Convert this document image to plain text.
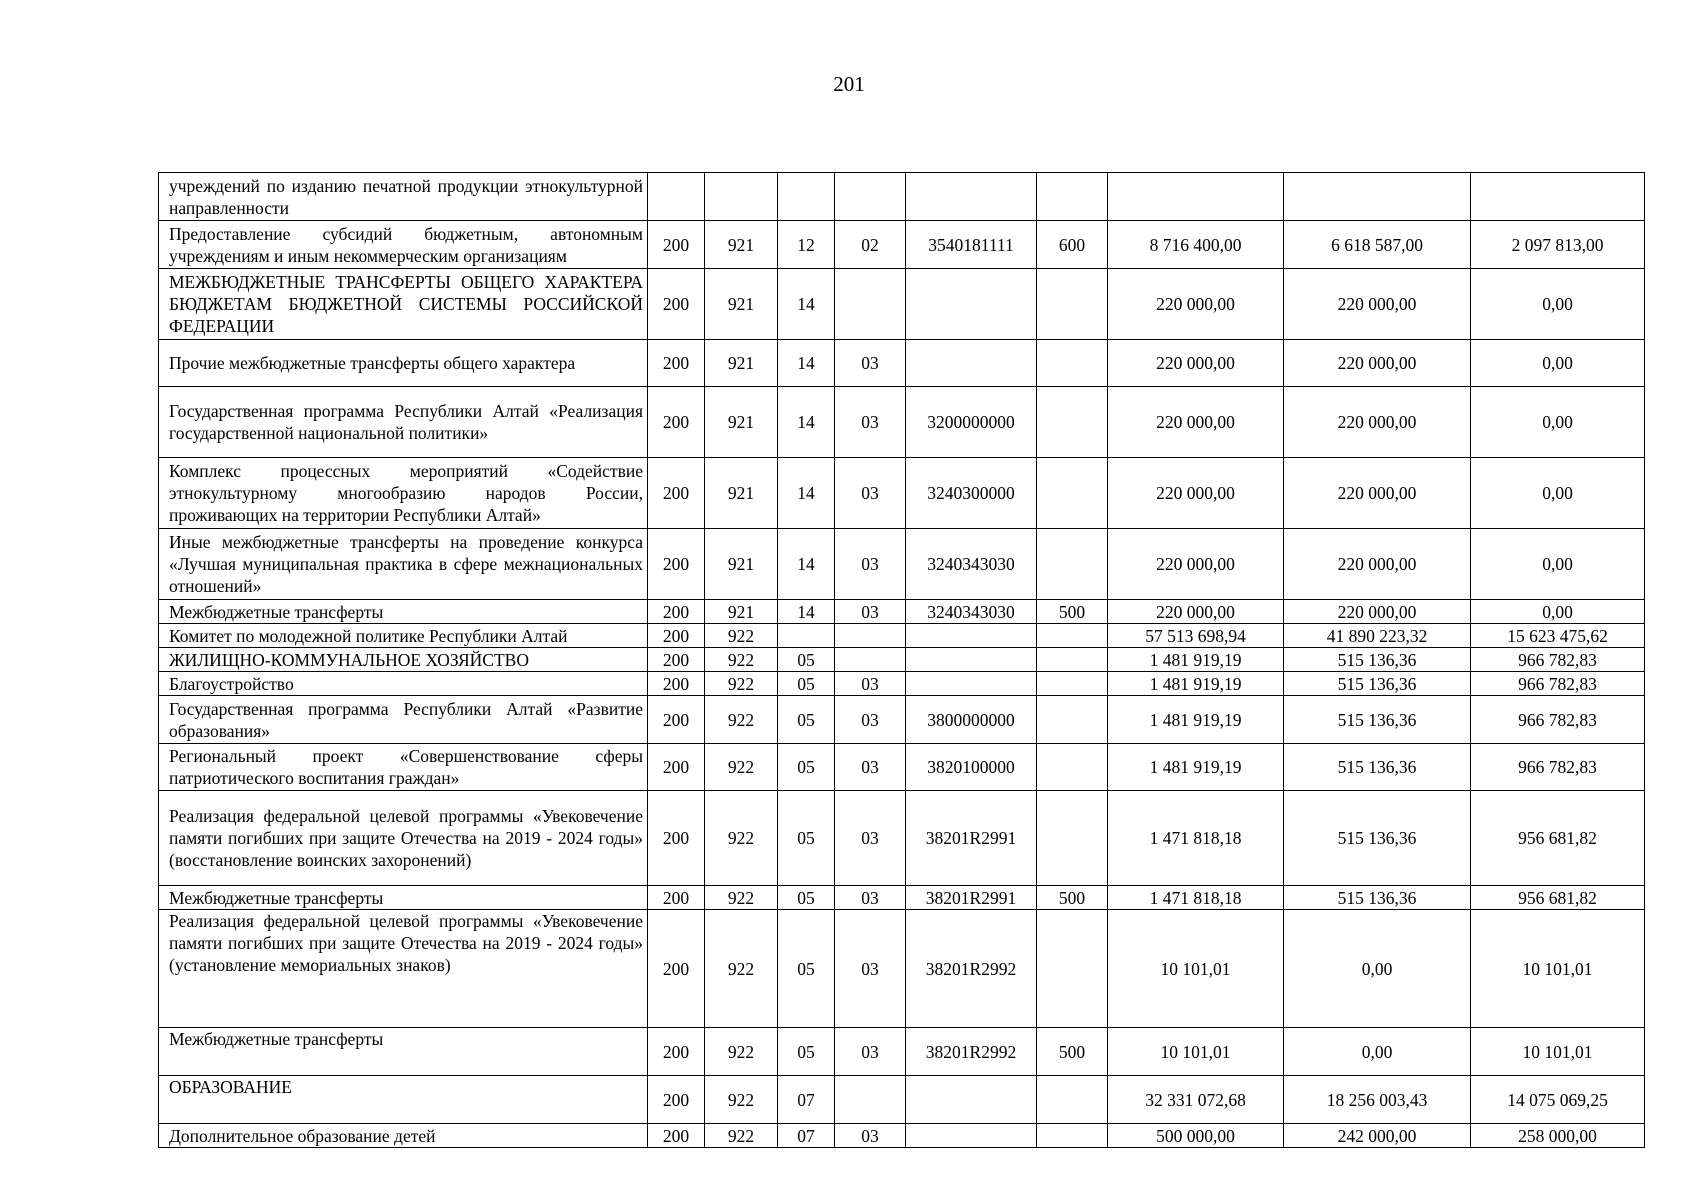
201
учреждений по изданию печатной продукции этнокультурной направленности									
Предоставление субсидий бюджетным, автономным учреждениям и иным некоммерческим организациям	200	921	12	02	3540181111	600	8 716 400,00	6 618 587,00	2 097 813,00
МЕЖБЮДЖЕТНЫЕ ТРАНСФЕРТЫ ОБЩЕГО ХАРАКТЕРА БЮДЖЕТАМ БЮДЖЕТНОЙ СИСТЕМЫ РОССИЙСКОЙ ФЕДЕРАЦИИ	200	921	14				220 000,00	220 000,00	0,00
Прочие межбюджетные трансферты общего характера	200	921	14	03			220 000,00	220 000,00	0,00
Государственная программа Республики Алтай «Реализация государственной национальной политики»	200	921	14	03	3200000000		220 000,00	220 000,00	0,00
Комплекс процессных мероприятий «Содействие этнокультурному многообразию народов России, проживающих на территории Республики Алтай»	200	921	14	03	3240300000		220 000,00	220 000,00	0,00
Иные межбюджетные трансферты на проведение конкурса «Лучшая муниципальная практика в сфере межнациональных отношений»	200	921	14	03	3240343030		220 000,00	220 000,00	0,00
Межбюджетные трансферты	200	921	14	03	3240343030	500	220 000,00	220 000,00	0,00
Комитет по молодежной политике Республики Алтай	200	922					57 513 698,94	41 890 223,32	15 623 475,62
ЖИЛИЩНО-КОММУНАЛЬНОЕ ХОЗЯЙСТВО	200	922	05				1 481 919,19	515 136,36	966 782,83
Благоустройство	200	922	05	03			1 481 919,19	515 136,36	966 782,83
Государственная программа Республики Алтай «Развитие образования»	200	922	05	03	3800000000		1 481 919,19	515 136,36	966 782,83
Региональный проект «Совершенствование сферы патриотического воспитания граждан»	200	922	05	03	3820100000		1 481 919,19	515 136,36	966 782,83
Реализация федеральной целевой программы «Увековечение памяти погибших при защите Отечества на 2019 - 2024 годы» (восстановление воинских захоронений)	200	922	05	03	38201R2991		1 471 818,18	515 136,36	956 681,82
Межбюджетные трансферты	200	922	05	03	38201R2991	500	1 471 818,18	515 136,36	956 681,82
Реализация федеральной целевой программы «Увековечение памяти погибших при защите Отечества на 2019 - 2024 годы» (установление мемориальных знаков)	200	922	05	03	38201R2992		10 101,01	0,00	10 101,01
Межбюджетные трансферты	200	922	05	03	38201R2992	500	10 101,01	0,00	10 101,01
ОБРАЗОВАНИЕ	200	922	07				32 331 072,68	18 256 003,43	14 075 069,25
Дополнительное образование детей	200	922	07	03			500 000,00	242 000,00	258 000,00
